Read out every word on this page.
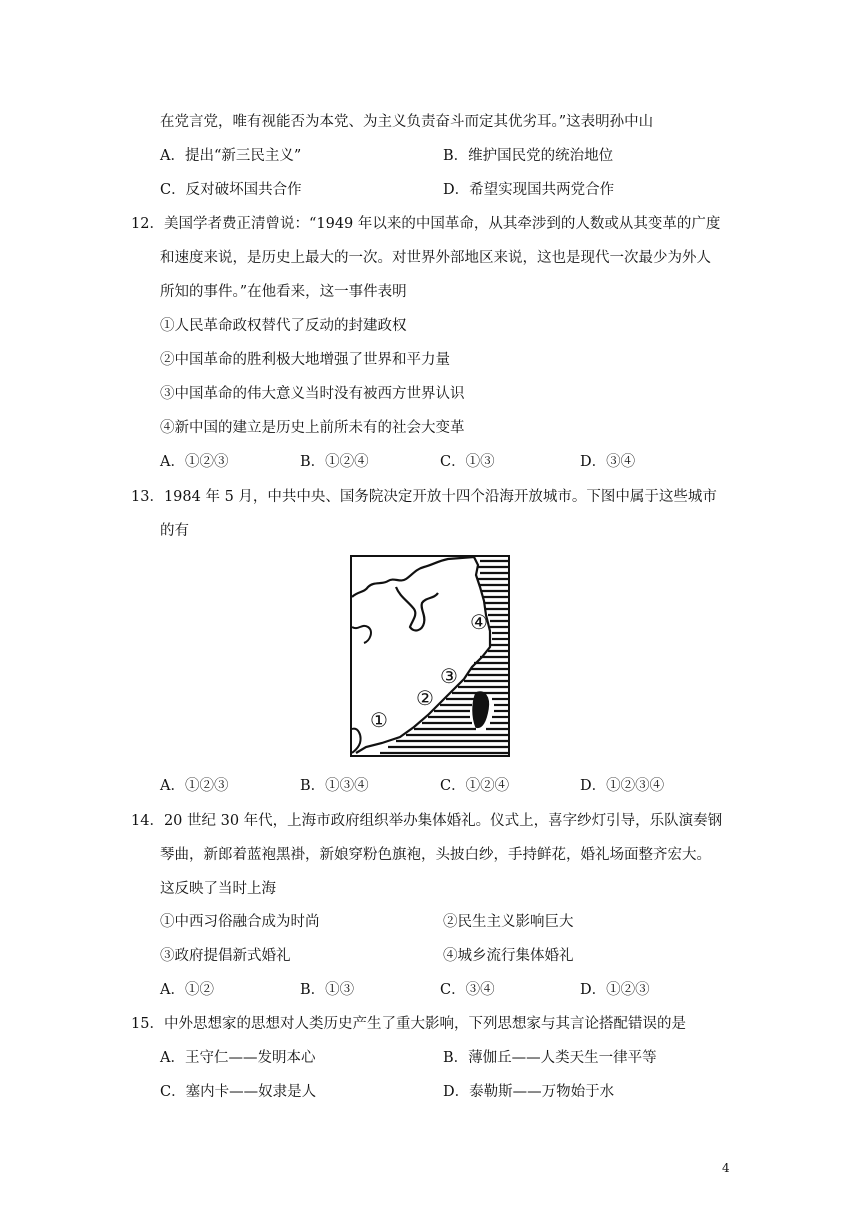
在党言党，唯有视能否为本党、为主义负责奋斗而定其优劣耳。”这表明孙中山
A．提出“新三民主义”	B．维护国民党的统治地位
C．反对破坏国共合作	D．希望实现国共两党合作
12．美国学者费正清曾说：“1949 年以来的中国革命，从其牵涉到的人数或从其变革的广度
和速度来说，是历史上最大的一次。对世界外部地区来说，这也是现代一次最少为外人
所知的事件。”在他看来，这一事件表明
①人民革命政权替代了反动的封建政权
②中国革命的胜利极大地增强了世界和平力量
③中国革命的伟大意义当时没有被西方世界认识
④新中国的建立是历史上前所未有的社会大变革
A．①②③	B．①②④	C．①③	D．③④
13．1984 年 5 月，中共中央、国务院决定开放十四个沿海开放城市。下图中属于这些城市
的有
①
②
③
④
A．①②③	B．①③④	C．①②④	D．①②③④
14．20 世纪 30 年代，上海市政府组织举办集体婚礼。仪式上，喜字纱灯引导，乐队演奏钢
琴曲，新郎着蓝袍黑褂，新娘穿粉色旗袍，头披白纱，手持鲜花，婚礼场面整齐宏大。
这反映了当时上海
①中西习俗融合成为时尚	②民生主义影响巨大
③政府提倡新式婚礼	④城乡流行集体婚礼
A．①②	B．①③	C．③④	D．①②③
15．中外思想家的思想对人类历史产生了重大影响，下列思想家与其言论搭配错误的是
A．王守仁——发明本心	B．薄伽丘——人类天生一律平等
C．塞内卡——奴隶是人	D．泰勒斯——万物始于水
4
